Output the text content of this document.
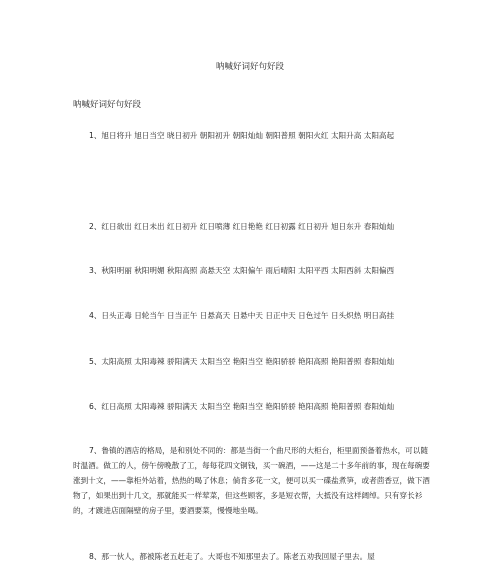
呐喊好词好句好段
呐喊好词好句好段
1、旭日将升 旭日当空 晓日初升 朝阳初升 朝阳灿灿 朝阳普照 朝阳火红 太阳升高 太阳高起
2、红日欲出 红日未出 红日初升 红日喷薄 红日艳艳 红日初露 红日初升 旭日东升 春阳灿灿
3、秋阳明丽 秋阳明媚 秋阳高照 高悬天空 太阳偏午 雨后晴阳 太阳平西 太阳西斜 太阳偏西
4、日头正毒 日轮当午 日当正午 日悬高天 日悬中天 日正中天 日色过午 日头炽热 明日高挂
5、太阳高照 太阳毒辣 骄阳满天 太阳当空 艳阳当空 艳阳骄骄 艳阳高照 艳阳普照 春阳灿灿
6、红日高照 太阳毒辣 骄阳满天 太阳当空 艳阳当空 艳阳骄骄 艳阳高照 艳阳普照 春阳灿灿
7、鲁镇的酒店的格局，是和别处不同的：都是当街一个曲尺形的大柜台，柜里面预备着热水，可以随时温酒。做工的人，傍午傍晚散了工，每每花四文铜钱，买一碗酒，——这是二十多年前的事，现在每碗要涨到十文，——靠柜外站着，热热的喝了休息；倘肯多花一文，便可以买一碟盐煮笋，或者茴香豆，做下酒物了，如果出到十几文，那就能买一样荤菜，但这些顾客，多是短衣帮，大抵没有这样阔绰。只有穿长衫的，才踱进店面隔壁的房子里，要酒要菜，慢慢地坐喝。
8、那一伙人，都被陈老五赶走了。大哥也不知那里去了。陈老五劝我回屋子里去。屋
